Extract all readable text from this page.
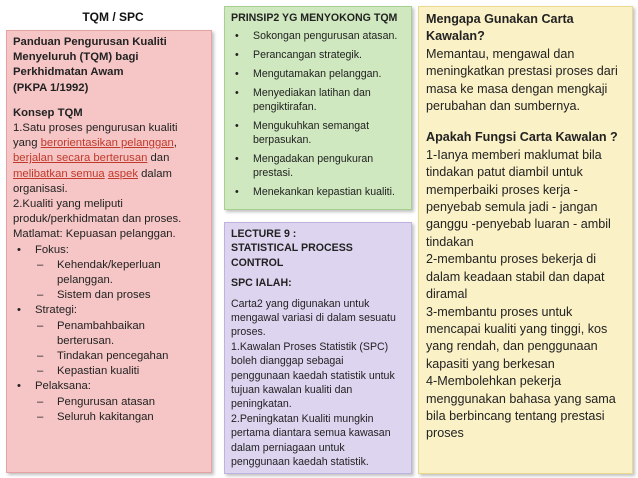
TQM / SPC
Panduan Pengurusan Kualiti
Menyeluruh (TQM) bagi
Perkhidmatan Awam
(PKPA 1/1992)
Konsep TQM
1.Satu proses pengurusan kualiti
yang berorientasikan pelanggan,
berjalan secara berterusan dan
melibatkan semua aspek dalam
organisasi.
2.Kualiti yang meliputi
produk/perkhidmatan dan proses.
Matlamat: Kepuasan pelanggan.
• Fokus:
– Kehendak/keperluan
pelanggan.
– Sistem dan proses
• Strategi:
– Penambahbaikan
berterusan.
– Tindakan pencegahan
– Kepastian kualiti
• Pelaksana:
– Pengurusan atasan
– Seluruh kakitangan
PRINSIP2 YG MENYOKONG TQM
• Sokongan pengurusan atasan.
• Perancangan strategik.
• Mengutamakan pelanggan.
• Menyediakan latihan dan pengiktirafan.
• Mengukuhkan semangat berpasukan.
• Mengadakan pengukuran prestasi.
• Menekankan kepastian kualiti.
LECTURE 9 :
STATISTICAL PROCESS CONTROL
SPC IALAH:
Carta2 yang digunakan untuk
mengawal variasi di dalam sesuatu
proses.
1.Kawalan Proses Statistik (SPC)
boleh dianggap sebagai
penggunaan kaedah statistik untuk
tujuan kawalan kualiti dan
peningkatan.
2.Peningkatan Kualiti mungkin
pertama diantara semua kawasan
dalam perniagaan untuk
penggunaan kaedah statistik.
Mengapa Gunakan Carta
Kawalan?
Memantau, mengawal dan
meningkatkan prestasi proses dari
masa ke masa dengan mengkaji
perubahan dan sumbernya.
Apakah Fungsi Carta Kawalan ?
1-Ianya memberi maklumat bila
tindakan patut diambil untuk
memperbaiki proses kerja -
penyebab semula jadi - jangan
ganggu -penyebab luaran - ambil
tindakan
2-membantu proses bekerja di
dalam keadaan stabil dan dapat
diramal
3-membantu proses untuk
mencapai kualiti yang tinggi, kos
yang rendah, dan penggunaan
kapasiti yang berkesan
4-Membolehkan pekerja
menggunakan bahasa yang sama
bila berbincang tentang prestasi
proses
